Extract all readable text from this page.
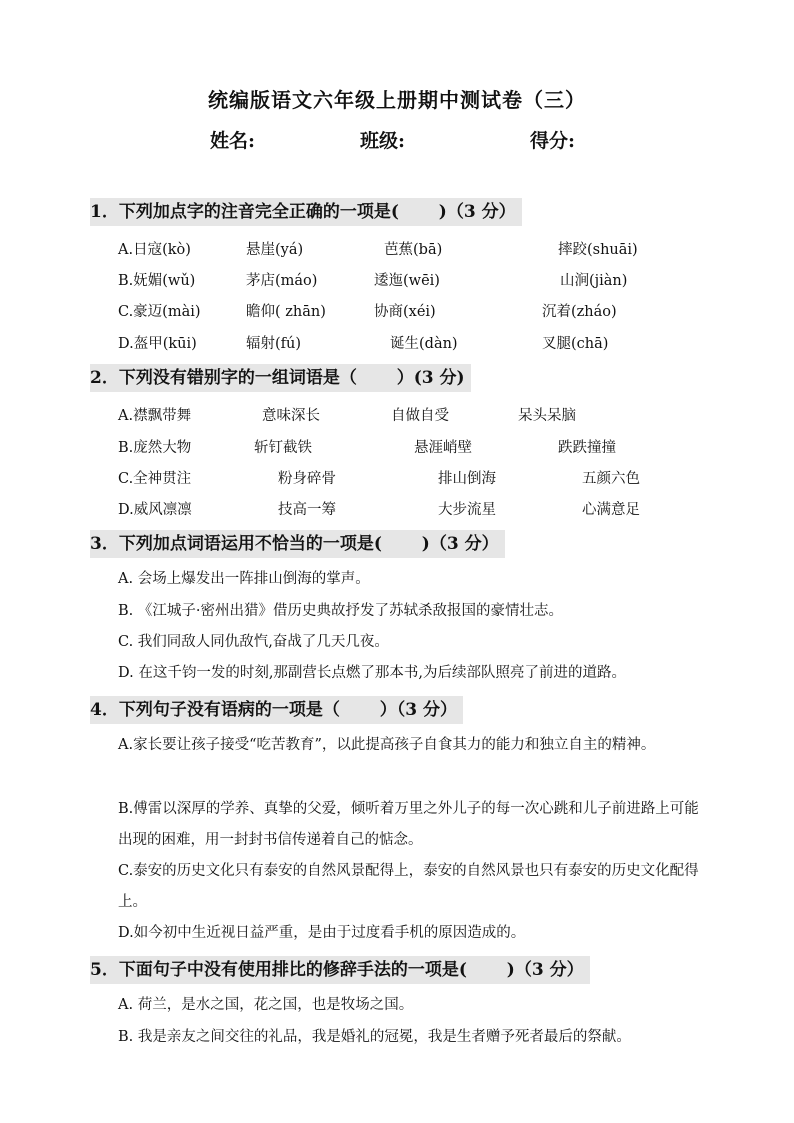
统编版语文六年级上册期中测试卷（三）
姓名:	班级:	得分:
1．下列加点字的注音完全正确的一项是(　 　)（3 分）
A.日寇(kò)	悬崖(yá)	芭蕉(bā)	摔跤(shuāi)
B.妩媚(wǔ)	茅店(máo)	逶迤(wēi)	山涧(jiàn)
C.豪迈(mài)	瞻仰( zhān)	协商(xéi)	沉着(zháo)
D.盔甲(kūi)	辐射(fú)	诞生(dàn)	叉腿(chā)
2．下列没有错别字的一组词语是（　 　）(3 分)
A.襟飘带舞	意味深长	自做自受	呆头呆脑
B.庞然大物	斩钉截铁	悬涯峭壁	跌跌撞撞
C.全神贯注	粉身碎骨	排山倒海	五颜六色
D.威风凛凛	技高一筹	大步流星	心满意足
3．下列加点词语运用不恰当的一项是(　 　)（3 分）
A. 会场上爆发出一阵排山倒海的掌声。
B. 《江城子·密州出猎》借历史典故抒发了苏轼杀敌报国的豪情壮志。
C. 我们同敌人同仇敌忾,奋战了几天几夜。
D. 在这千钧一发的时刻,那副营长点燃了那本书,为后续部队照亮了前进的道路。
4．下列句子没有语病的一项是（　 　）（3 分）
A.家长要让孩子接受“吃苦教育”，以此提高孩子自食其力的能力和独立自主的精神。
B.傅雷以深厚的学养、真挚的父爱，倾听着万里之外儿子的每一次心跳和儿子前进路上可能出现的困难，用一封封书信传递着自己的惦念。
C.泰安的历史文化只有泰安的自然风景配得上，泰安的自然风景也只有泰安的历史文化配得上。
D.如今初中生近视日益严重，是由于过度看手机的原因造成的。
5．下面句子中没有使用排比的修辞手法的一项是(　 　)（3 分）
A. 荷兰，是水之国，花之国，也是牧场之国。
B. 我是亲友之间交往的礼品，我是婚礼的冠冕，我是生者赠予死者最后的祭献。
